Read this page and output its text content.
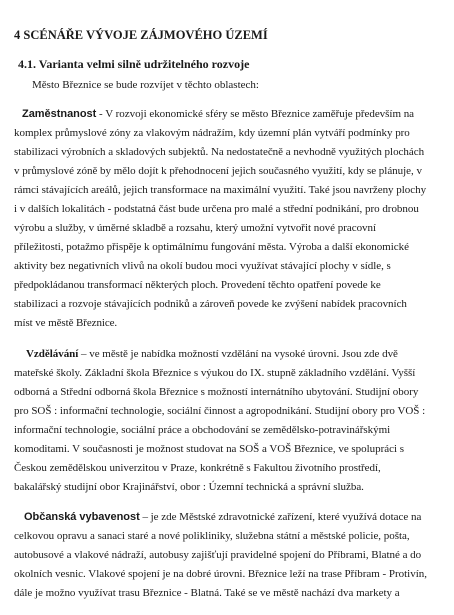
4 SCÉNÁŘE VÝVOJE ZÁJMOVÉHO ÚZEMÍ
4.1. Varianta velmi silně udržitelného rozvoje
Město Březnice se bude rozvíjet v těchto oblastech:
Zaměstnanost - V rozvoji ekonomické sféry se město Březnice zaměřuje především na
komplex průmyslové zóny za vlakovým nádražím, kdy územní plán vytváří podmínky pro
stabilizaci výrobních a skladových subjektů. Na nedostatečně a nevhodně využitých plochách
v průmyslové zóně by mělo dojít k přehodnocení jejich současného využití, kdy se plánuje, v
rámci stávajících areálů, jejich transformace na maximální využití. Také jsou navrženy plochy
i v dalších lokalitách - podstatná část bude určena pro malé a střední podnikání, pro drobnou
výrobu a služby, v úměrné skladbě a rozsahu, který umožní vytvořit nové pracovní
příležitosti, potažmo přispěje k optimálnímu fungování města. Výroba a další ekonomické
aktivity bez negativních vlivů na okolí budou moci využívat stávající plochy v sídle, s
předpokládanou transformací některých ploch. Provedení těchto opatření povede ke
stabilizaci a rozvoje stávajících podniků a zároveň povede ke zvýšení nabídek pracovních
míst ve městě Březnice.
Vzdělávání – ve městě je nabídka možností vzdělání na vysoké úrovni. Jsou zde dvě
mateřské školy. Základní škola Březnice s výukou do IX. stupně základního vzdělání. Vyšší
odborná a Střední odborná škola Březnice s možností internátního ubytování. Studijní obory
pro SOŠ : informační technologie, sociální činnost a agropodnikání. Studijní obory pro VOŠ :
informační technologie, sociální práce a obchodování se zemědělsko-potravinářskými
komoditami. V současnosti je možnost studovat na SOŠ a VOŠ Březnice, ve spolupráci s
Českou zemědělskou univerzitou v Praze, konkrétně s Fakultou životního prostředí,
bakalářský studijní obor Krajinářství, obor : Územní technická a správní služba.
Občanská vybavenost – je zde Městské zdravotnické zařízení, které využívá dotace na
celkovou opravu a sanaci staré a nové polikliniky, služebna státní a městské policie, pošta,
autobusové a vlakové nádraží, autobusy zajišťují pravidelné spojení do Příbrami, Blatné a do
okolních vesnic. Vlakové spojení je na dobré úrovni. Březnice leží na trase Příbram - Protivín,
dále je možno využívat trasu Březnice - Blatná. Také se ve městě nachází dva markety a
